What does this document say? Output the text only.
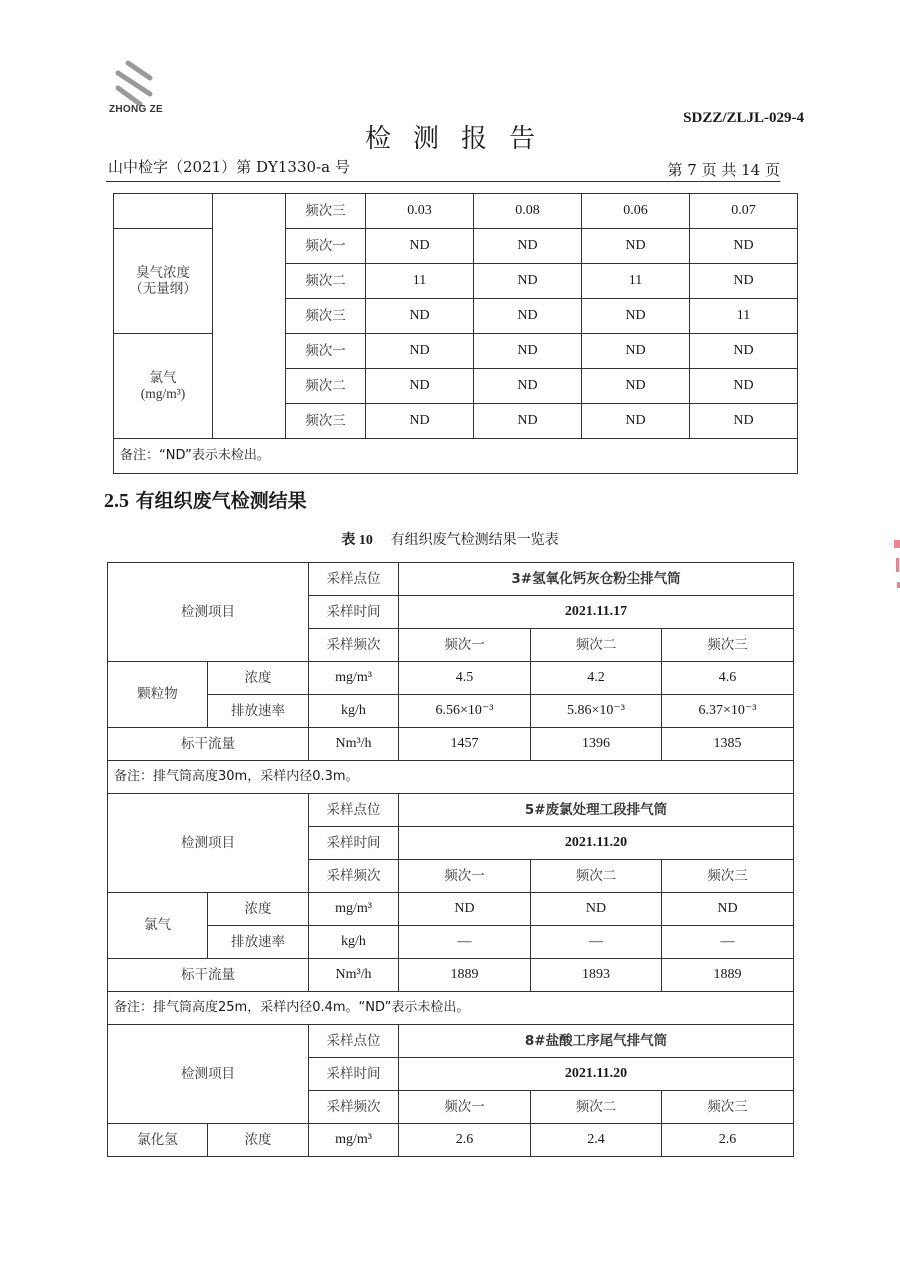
ZHONG ZE
SDZZ/ZLJL-029-4
检测报告
山中检字（2021）第 DY1330-a 号	第 7 页 共 14 页
		频次三	0.03	0.08	0.06	0.07

臭气浓度
（无量纲）		频次一	ND	ND	ND	ND
		频次二	11	ND	11	ND
		频次三	ND	ND	ND	11

氯气
(mg/m³)		频次一	ND	ND	ND	ND
		频次二	ND	ND	ND	ND
		频次三	ND	ND	ND	ND
备注：“ND”表示未检出。						
2.5 有组织废气检测结果
表 10 有组织废气检测结果一览表
检测项目		采样点位	3#氢氧化钙灰仓粉尘排气筒		
		采样时间	2021.11.17		
		采样频次	频次一	频次二	频次三
颗粒物	浓度	mg/m³	4.5	4.2	4.6
	排放速率	kg/h	6.56×10⁻³	5.86×10⁻³	6.37×10⁻³
标干流量		Nm³/h	1457	1396	1385
备注：排气筒高度30m，采样内径0.3m。					
检测项目		采样点位	5#废氯处理工段排气筒		
		采样时间	2021.11.20		
		采样频次	频次一	频次二	频次三
氯气	浓度	mg/m³	ND	ND	ND
	排放速率	kg/h	—	—	—
标干流量		Nm³/h	1889	1893	1889
备注：排气筒高度25m，采样内径0.4m。“ND”表示未检出。					
检测项目		采样点位	8#盐酸工序尾气排气筒		
		采样时间	2021.11.20		
		采样频次	频次一	频次二	频次三
氯化氢	浓度	mg/m³	2.6	2.4	2.6
